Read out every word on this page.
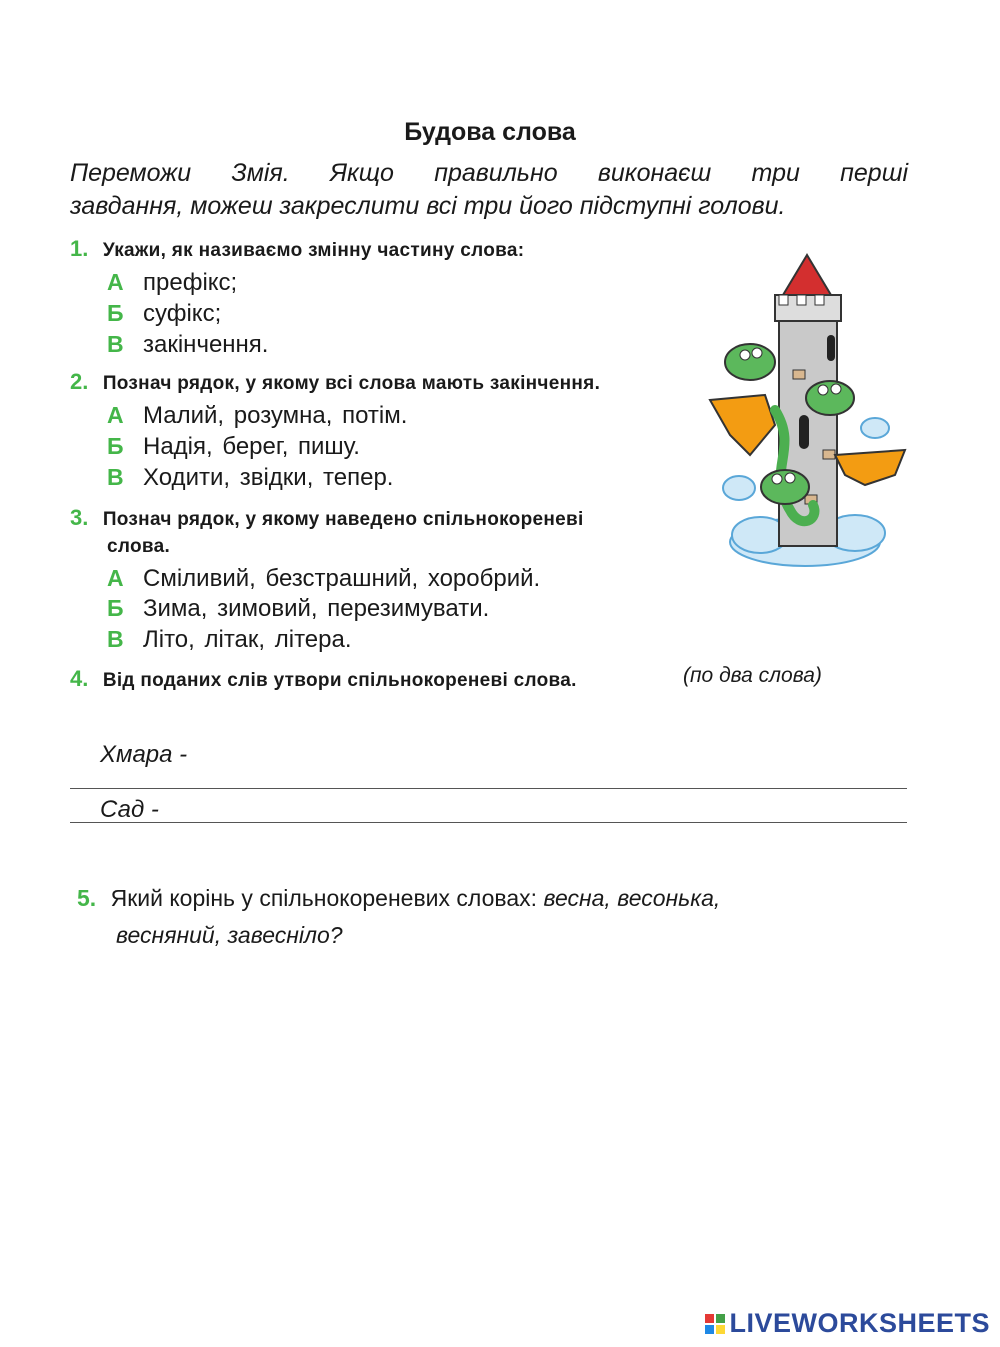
Будова слова
Переможи Змія. Якщо правильно виконаєш три перші
завдання, можеш закреслити всі три його підступні голови.
1. Укажи, як називаємо змінну частину слова:
А префікс;
Б суфікс;
В закінчення.
2. Познач рядок, у якому всі слова мають закінчення.
А Малий, розумна, потім.
Б Надія, берег, пишу.
В Ходити, звідки, тепер.
3. Познач рядок, у якому наведено спільнокореневі
слова.
А Сміливий, безстрашний, хоробрий.
Б Зима, зимовий, перезимувати.
В Літо, літак, літера.
4. Від поданих слів утвори спільнокореневі слова.	(по два слова)
Хмара -
Сад -
5. Який корінь у спільнокореневих словах: весна, весонька,
весняний, завесніло?
LIVEWORKSHEETS
